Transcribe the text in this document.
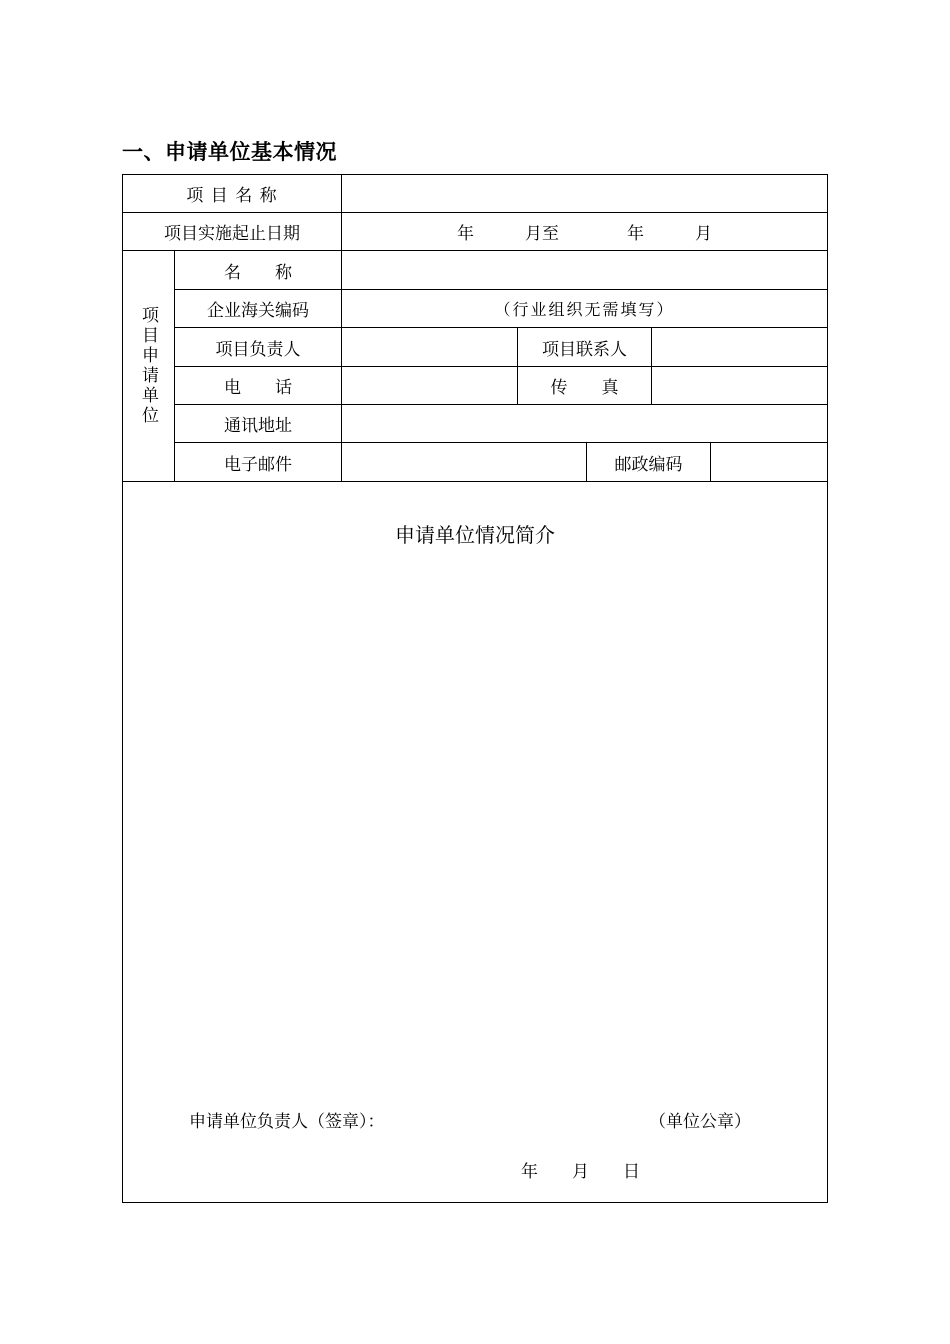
一、申请单位基本情况
项 目 名 称
项目实施起止日期	年　　　月至　　　　年　　　月
项目申请单位
名　　称
企业海关编码	（行业组织无需填写）
项目负责人	项目联系人
电　　话	传　　真
通讯地址
电子邮件	邮政编码
申请单位情况简介
申请单位负责人（签章）：	（单位公章）
年　　月　　日
